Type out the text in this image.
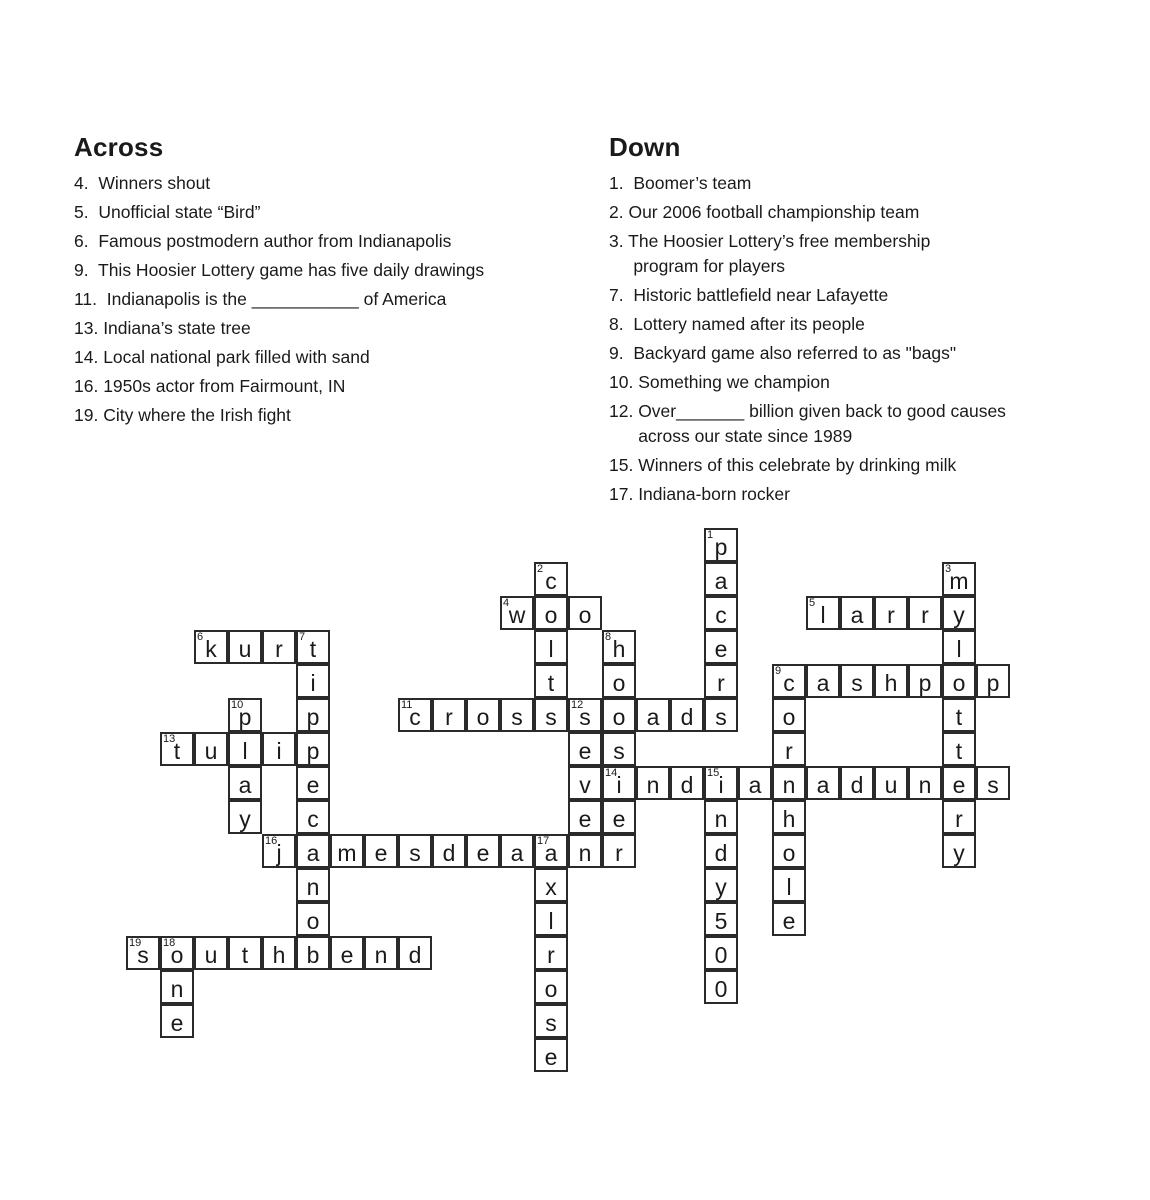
p
1
a
c
e
r
s
c
2
o
l
t
s
m
3
y
l
o
t
t
e
r
y
w
4	o	l
5	a	r	r
k
6	u	r	t
7
i
p
p
e
c
a
n
o
b
h
8
o
o
s
i
14
e
r
c
9	a s h p	p
o
r
n
h
o
l
e
p
10
l
a
y
c
11	r	o s	s
12	a d
e
v
e
n
t
13	u	i
n d	i
15	a	a d u n	s
n
d
y
5
0
0
j
16	m e s d e a a
17
x
l
r
o
s
e
o
18
n
e
s
19	u	t	h	e n d
Across
4.  Winners shout
5.  Unofficial state “Bird”
6.  Famous postmodern author from Indianapolis
9.  This Hoosier Lottery game has five daily drawings
11.  Indianapolis is the ___________ of America
13. Indiana’s state tree
14. Local national park filled with sand
16. 1950s actor from Fairmount, IN
19. City where the Irish fight
Down
1.  Boomer’s team
2. Our 2006 football championship team
3. The Hoosier Lottery’s free membership
program for players
7.  Historic battlefield near Lafayette
8.  Lottery named after its people
9.  Backyard game also referred to as "bags"
10. Something we champion
12. Over_______ billion given back to good causes
across our state since 1989
15. Winners of this celebrate by drinking milk
17. Indiana-born rocker
